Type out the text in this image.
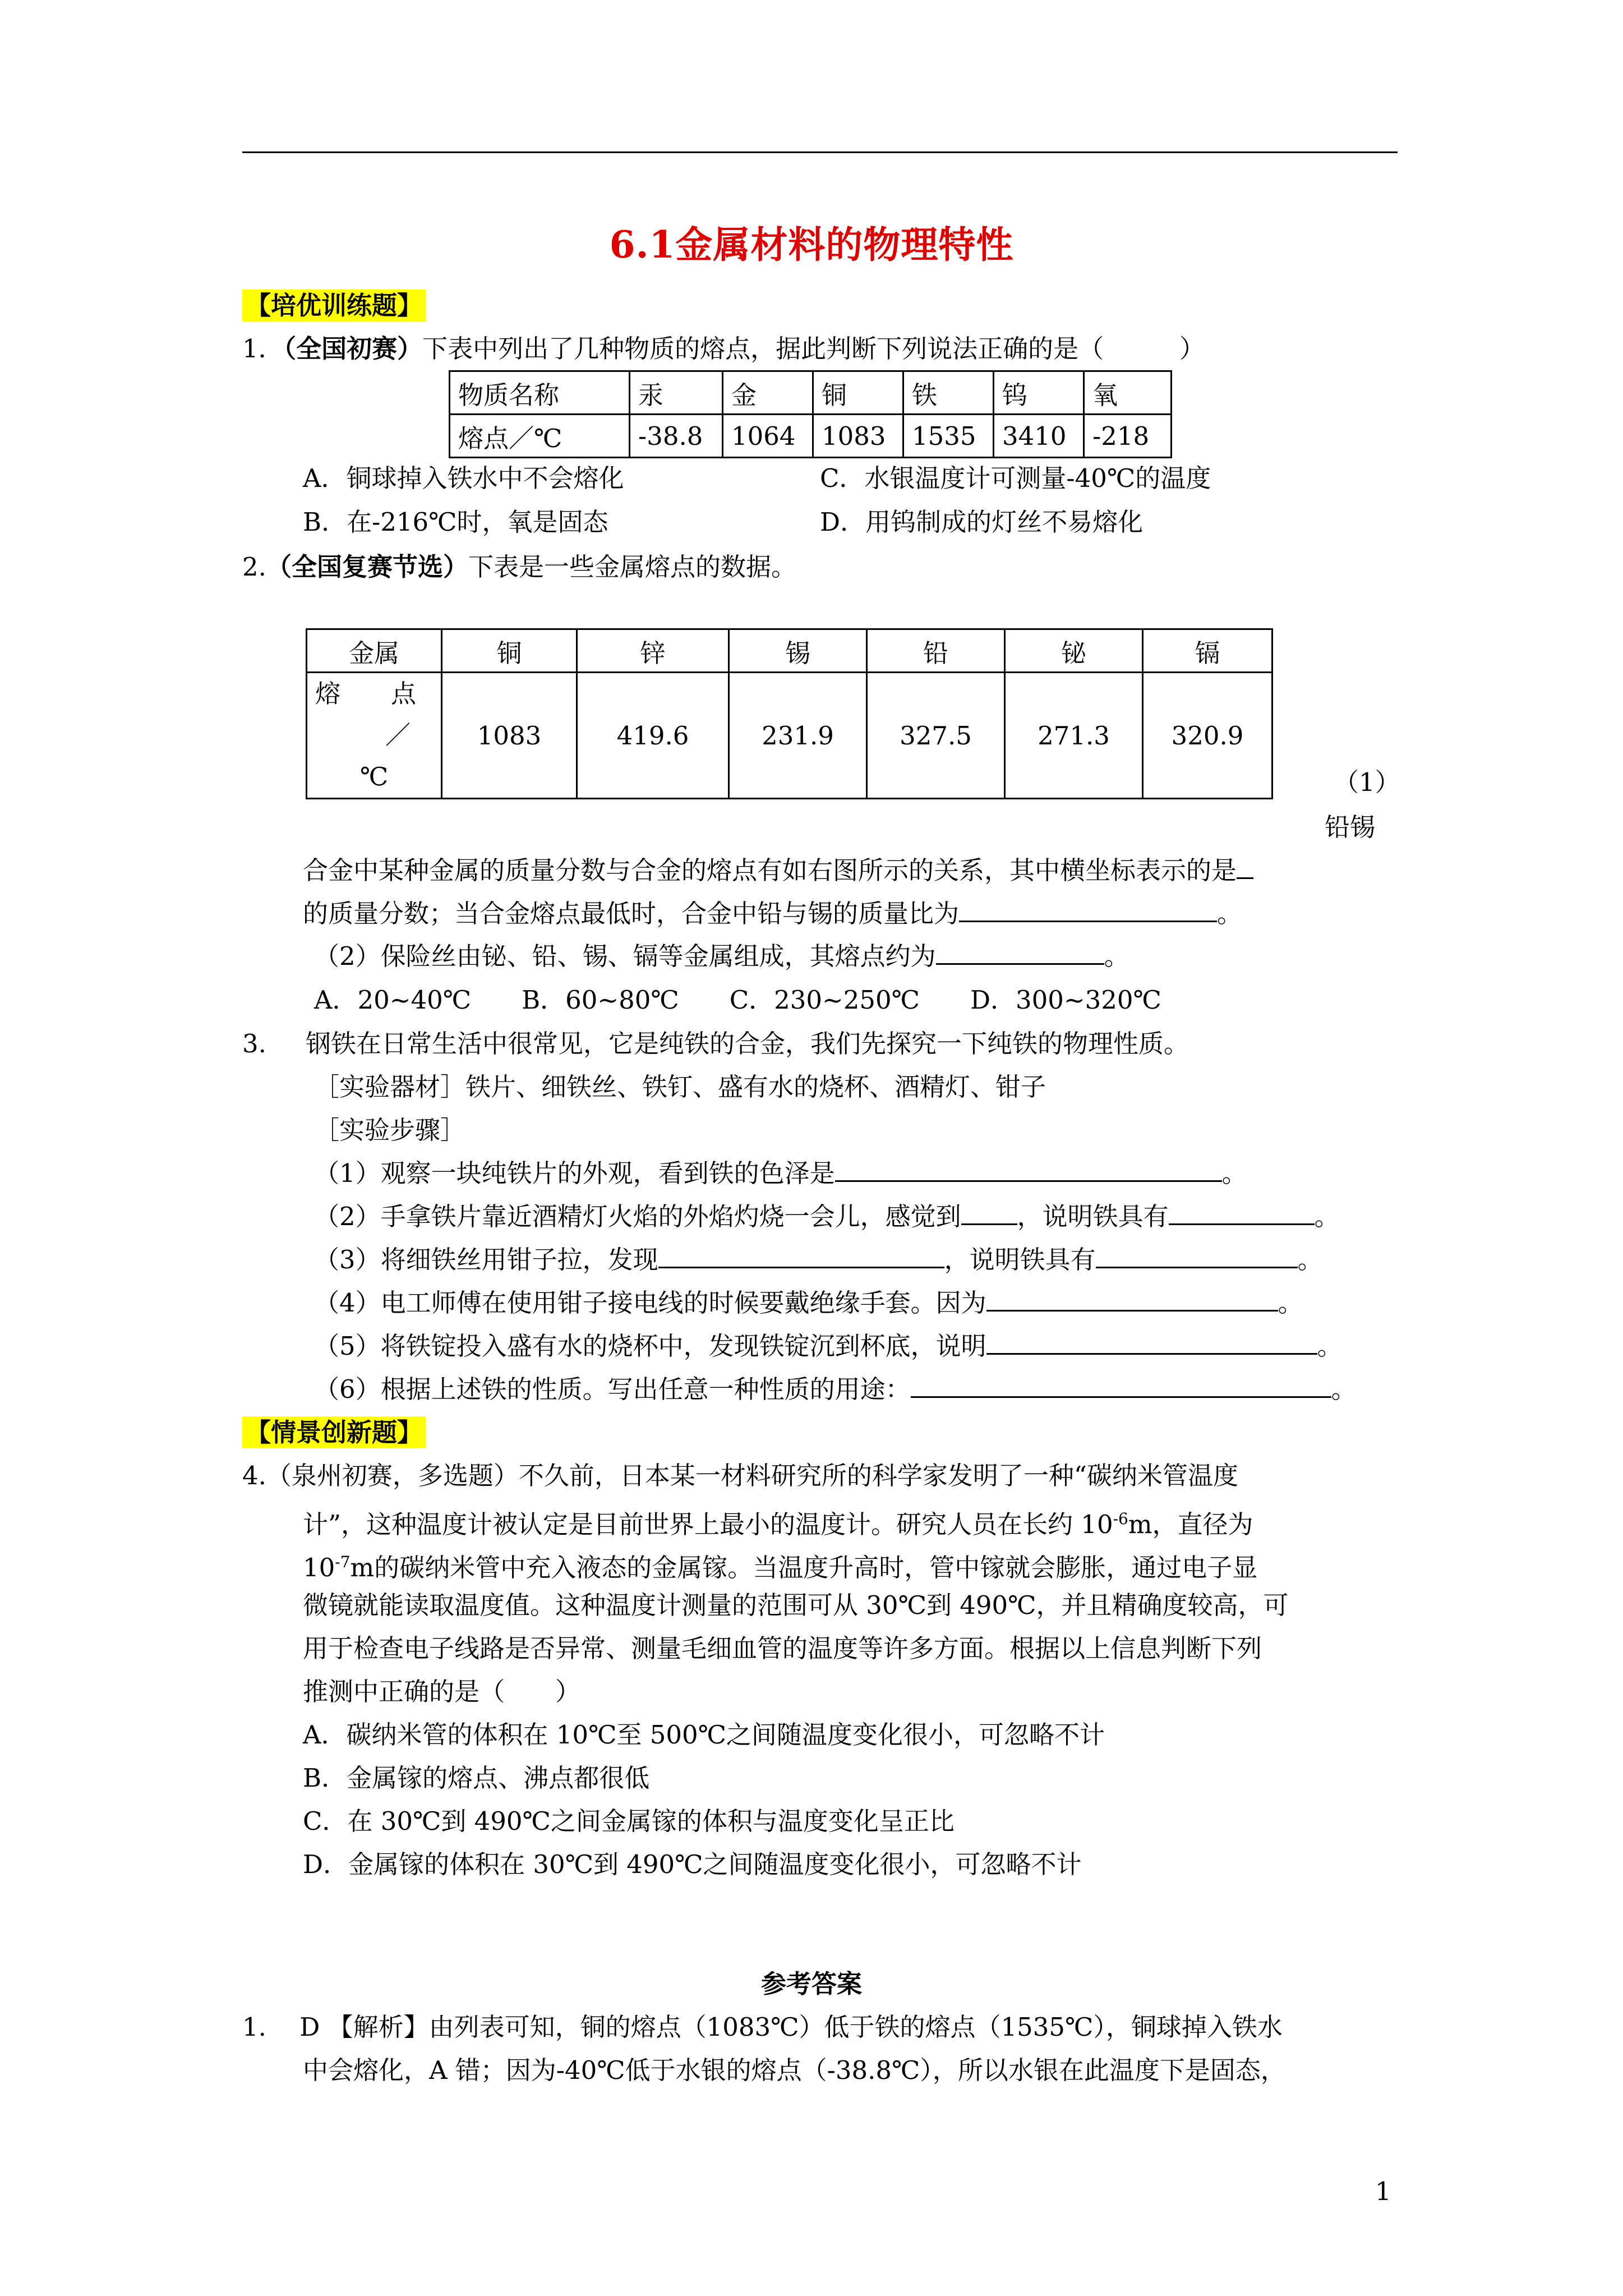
6.1金属材料的物理特性
【培优训练题】
1．（全国初赛）下表中列出了几种物质的熔点，据此判断下列说法正确的是（　　　）
物质名称	汞	金	铜	铁	钨	氧
熔点／℃	-38.8	1064	1083	1535	3410	-218
A．铜球掉入铁水中不会熔化	C．水银温度计可测量-40℃的温度
B．在-216℃时，氧是固态	D．用钨制成的灯丝不易熔化
2.（全国复赛节选）下表是一些金属熔点的数据。
金属	铜	锌	锡	铅	铋	镉

熔　　点
／
℃	1083	419.6	231.9	327.5	271.3	320.9
（1）
铅锡
合金中某种金属的质量分数与合金的熔点有如右图所示的关系，其中横坐标表示的是
的质量分数；当合金熔点最低时，合金中铅与锡的质量比为	。
（2）保险丝由铋、铅、锡、镉等金属组成，其熔点约为	。
A．20~40℃　　B．60~80℃　　C．230~250℃　　D．300~320℃
3. 钢铁在日常生活中很常见，它是纯铁的合金，我们先探究一下纯铁的物理性质。
［实验器材］铁片、细铁丝、铁钉、盛有水的烧杯、酒精灯、钳子
［实验步骤］
（1）观察一块纯铁片的外观，看到铁的色泽是	。
（2）手拿铁片靠近酒精灯火焰的外焰灼烧一会儿，感觉到 ，说明铁具有	。
（3）将细铁丝用钳子拉，发现	，说明铁具有	。
（4）电工师傅在使用钳子接电线的时候要戴绝缘手套。因为	。
（5）将铁锭投入盛有水的烧杯中，发现铁锭沉到杯底，说明	。
（6）根据上述铁的性质。写出任意一种性质的用途：	。
【情景创新题】
4.（泉州初赛，多选题）不久前，日本某一材料研究所的科学家发明了一种“碳纳米管温度
计”，这种温度计被认定是目前世界上最小的温度计。研究人员在长约 $10^{-6}m$，直径为
$10^{-7}m$的碳纳米管中充入液态的金属镓。当温度升高时，管中镓就会膨胀，通过电子显
微镜就能读取温度值。这种温度计测量的范围可从 30℃到 490℃，并且精确度较高，可
用于检查电子线路是否异常、测量毛细血管的温度等许多方面。根据以上信息判断下列
推测中正确的是（　　）
A．碳纳米管的体积在 10℃至 500℃之间随温度变化很小，可忽略不计
B．金属镓的熔点、沸点都很低
C．在 30℃到 490℃之间金属镓的体积与温度变化呈正比
D．金属镓的体积在 30℃到 490℃之间随温度变化很小，可忽略不计
参考答案
1.　 D 【解析】由列表可知，铜的熔点（1083℃）低于铁的熔点（1535℃），铜球掉入铁水
中会熔化，A 错；因为-40℃低于水银的熔点（-38.8℃），所以水银在此温度下是固态，
1
